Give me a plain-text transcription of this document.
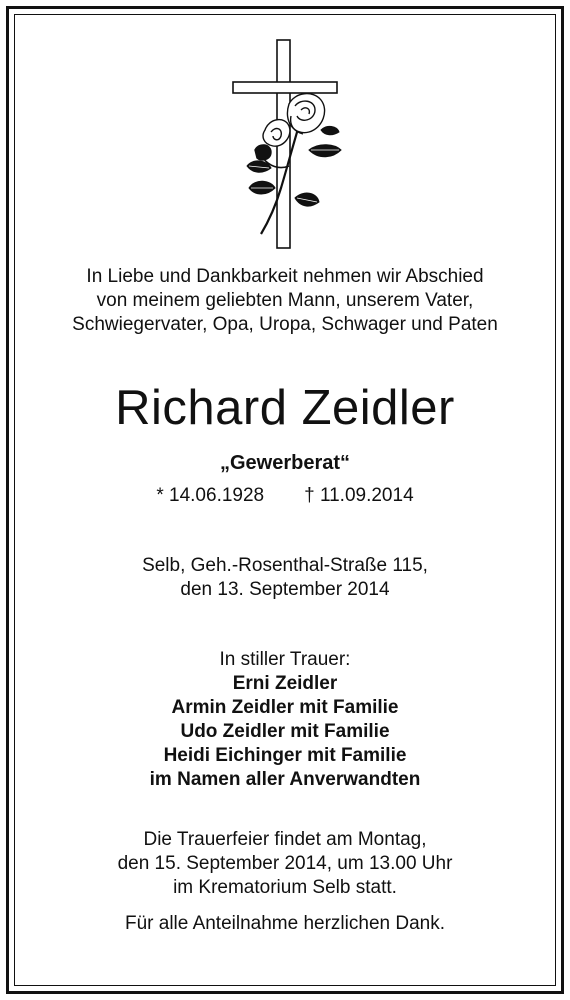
In Liebe und Dankbarkeit nehmen wir Abschied
von meinem geliebten Mann, unserem Vater,
Schwiegervater, Opa, Uropa, Schwager und Paten
Richard Zeidler
„Gewerberat“
* 14.06.1928 † 11.09.2014
Selb, Geh.-Rosenthal-Straße 115,
den 13. September 2014
In stiller Trauer:
Erni Zeidler
Armin Zeidler mit Familie
Udo Zeidler mit Familie
Heidi Eichinger mit Familie
im Namen aller Anverwandten
Die Trauerfeier findet am Montag,
den 15. September 2014, um 13.00 Uhr
im Krematorium Selb statt.
Für alle Anteilnahme herzlichen Dank.
